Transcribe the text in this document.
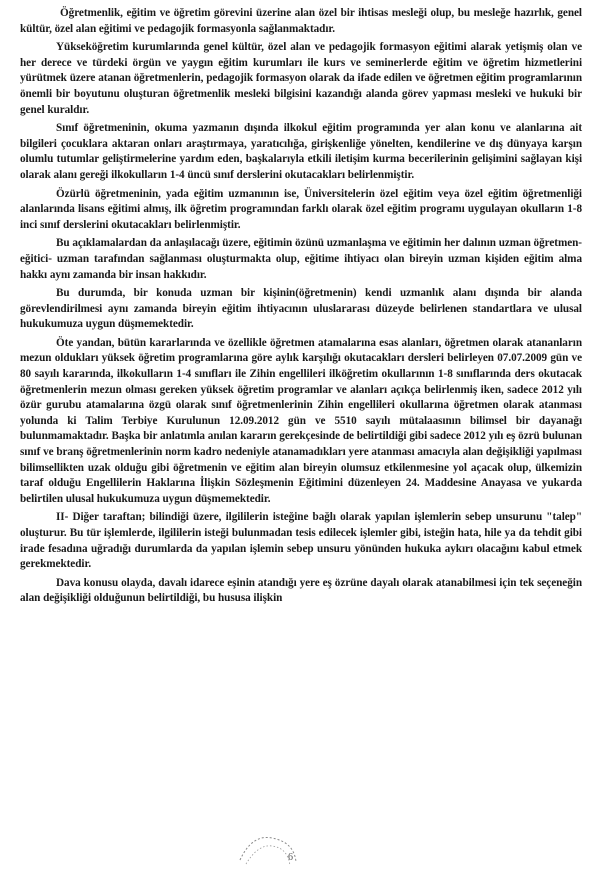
Öğretmenlik, eğitim ve öğretim görevini üzerine alan özel bir ihtisas mesleği olup, bu mesleğe hazırlık, genel kültür, özel alan eğitimi ve pedagojik formasyonla sağlanmaktadır.

Yükseköğretim kurumlarında genel kültür, özel alan ve pedagojik formasyon eğitimi alarak yetişmiş olan ve her derece ve türdeki örgün ve yaygın eğitim kurumları ile kurs ve seminerlerde eğitim ve öğretim hizmetlerini yürütmek üzere atanan öğretmenlerin, pedagojik formasyon olarak da ifade edilen ve öğretmen eğitim programlarının önemli bir boyutunu oluşturan öğretmenlik mesleki bilgisini kazandığı alanda görev yapması mesleki ve hukuki bir genel kuraldır.

Sınıf öğretmeninin, okuma yazmanın dışında ilkokul eğitim programında yer alan konu ve alanlarına ait bilgileri çocuklara aktaran onları araştırmaya, yaratıcılığa, girişkenliğe yönelten, kendilerine ve dış dünyaya karşın olumlu tutumlar geliştirmelerine yardım eden, başkalarıyla etkili iletişim kurma becerilerinin gelişimini sağlayan kişi olarak alanı gereği ilkokulların 1-4 üncü sınıf derslerini okutacakları belirlenmiştir.

Özürlü öğretmeninin, yada eğitim uzmanının ise, Üniversitelerin özel eğitim veya özel eğitim öğretmenliği alanlarında lisans eğitimi almış, ilk öğretim programından farklı olarak özel eğitim programı uygulayan okulların 1-8 inci sınıf derslerini okutacakları belirlenmiştir.

Bu açıklamalardan da anlaşılacağı üzere, eğitimin özünü uzmanlaşma ve eğitimin her dalının uzman öğretmen-eğitici- uzman tarafından sağlanması oluşturmakta olup, eğitime ihtiyacı olan bireyin uzman kişiden eğitim alma hakkı aynı zamanda bir insan hakkıdır.

Bu durumda, bir konuda uzman bir kişinin(öğretmenin) kendi uzmanlık alanı dışında bir alanda görevlendirilmesi aynı zamanda bireyin eğitim ihtiyacının uluslararası düzeyde belirlenen standartlara ve ulusal hukukumuza uygun düşmemektedir.

Öte yandan, bütün kararlarında ve özellikle öğretmen atamalarına esas alanları, öğretmen olarak atananların mezun oldukları yüksek öğretim programlarına göre aylık karşılığı okutacakları dersleri belirleyen 07.07.2009 gün ve 80 sayılı kararında, ilkokulların 1-4 sınıfları ile Zihin engellileri ilköğretim okullarının 1-8 sınıflarında ders okutacak öğretmenlerin mezun olması gereken yüksek öğretim programlar ve alanları açıkça belirlenmiş iken, sadece 2012 yılı özür gurubu atamalarına özgü olarak sınıf öğretmenlerinin Zihin engellileri okullarına öğretmen olarak atanması yolunda ki Talim Terbiye Kurulunun 12.09.2012 gün ve 5510 sayılı mütalaasının bilimsel bir dayanağı bulunmamaktadır. Başka bir anlatımla anılan kararın gerekçesinde de belirtildiği gibi sadece 2012 yılı eş özrü bulunan sınıf ve branş öğretmenlerinin norm kadro nedeniyle atanamadıkları yere atanması amacıyla alan değişikliği yapılması bilimsellikten uzak olduğu gibi öğretmenin ve eğitim alan bireyin olumsuz etkilenmesine yol açacak olup, ülkemizin taraf olduğu Engellilerin Haklarına İlişkin Sözleşmenin Eğitimini düzenleyen 24. Maddesine Anayasa ve yukarda belirtilen ulusal hukukumuza uygun düşmemektedir.

II- Diğer taraftan; bilindiği üzere, ilgililerin isteğine bağlı olarak yapılan işlemlerin sebep unsurunu "talep" oluşturur. Bu tür işlemlerde, ilgililerin isteği bulunmadan tesis edilecek işlemler gibi, isteğin hata, hile ya da tehdit gibi irade fesadına uğradığı durumlarda da yapılan işlemin sebep unsuru yönünden hukuka aykırı olacağını kabul etmek gerekmektedir.

Dava konusu olayda, davalı idarece eşinin atandığı yere eş özrüne dayalı olarak atanabilmesi için tek seçeneğin alan değişikliği olduğunun belirtildiği, bu hususa ilişkin

6
